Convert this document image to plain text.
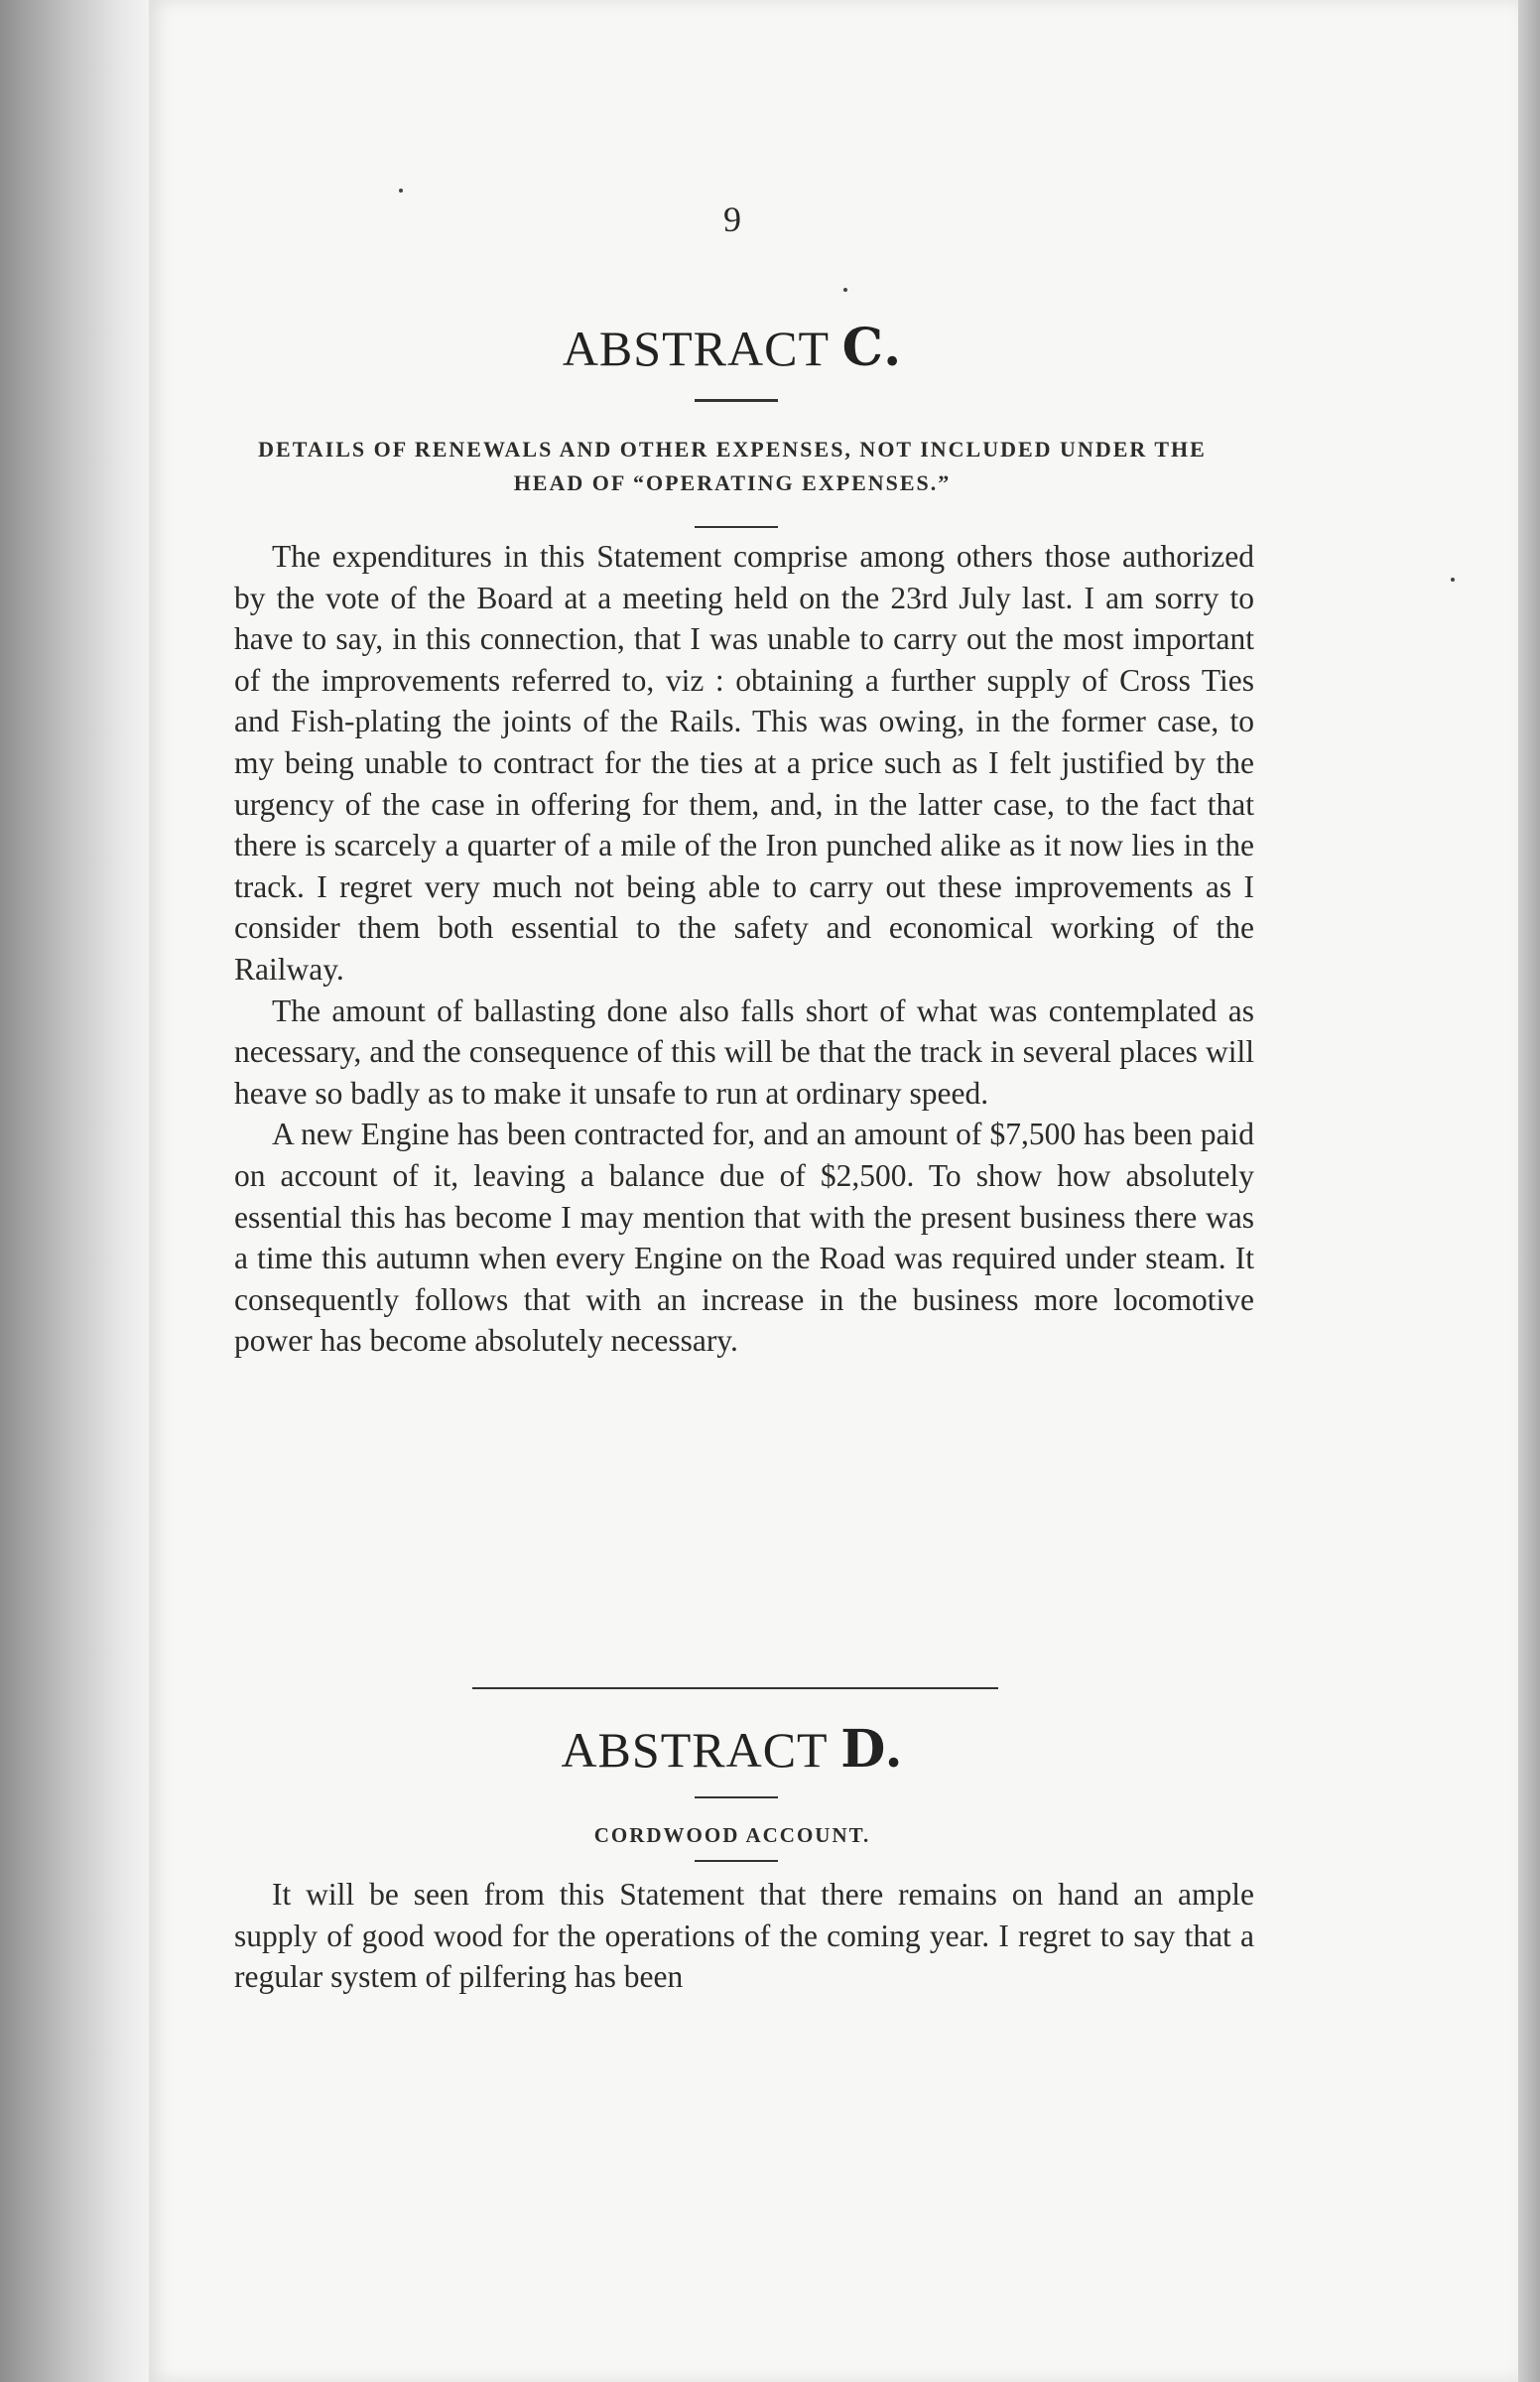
9
ABSTRACT C.
DETAILS OF RENEWALS AND OTHER EXPENSES, NOT INCLUDED UNDER THE HEAD OF “OPERATING EXPENSES.”

The expenditures in this Statement comprise among others those authorized by the vote of the Board at a meeting held on the 23rd July last. I am sorry to have to say, in this connection, that I was unable to carry out the most important of the improvements referred to, viz : obtaining a further supply of Cross Ties and Fish-plating the joints of the Rails. This was owing, in the former case, to my being unable to contract for the ties at a price such as I felt justified by the urgency of the case in offering for them, and, in the latter case, to the fact that there is scarcely a quarter of a mile of the Iron punched alike as it now lies in the track. I regret very much not being able to carry out these improvements as I consider them both essential to the safety and economical working of the Railway.

The amount of ballasting done also falls short of what was contemplated as necessary, and the consequence of this will be that the track in several places will heave so badly as to make it unsafe to run at ordinary speed.

A new Engine has been contracted for, and an amount of $7,500 has been paid on account of it, leaving a balance due of $2,500. To show how absolutely essential this has become I may mention that with the present business there was a time this autumn when every Engine on the Road was required under steam. It consequently follows that with an increase in the business more locomotive power has become absolutely necessary.

ABSTRACT D.
CORDWOOD ACCOUNT.

It will be seen from this Statement that there remains on hand an ample supply of good wood for the operations of the coming year. I regret to say that a regular system of pilfering has been
